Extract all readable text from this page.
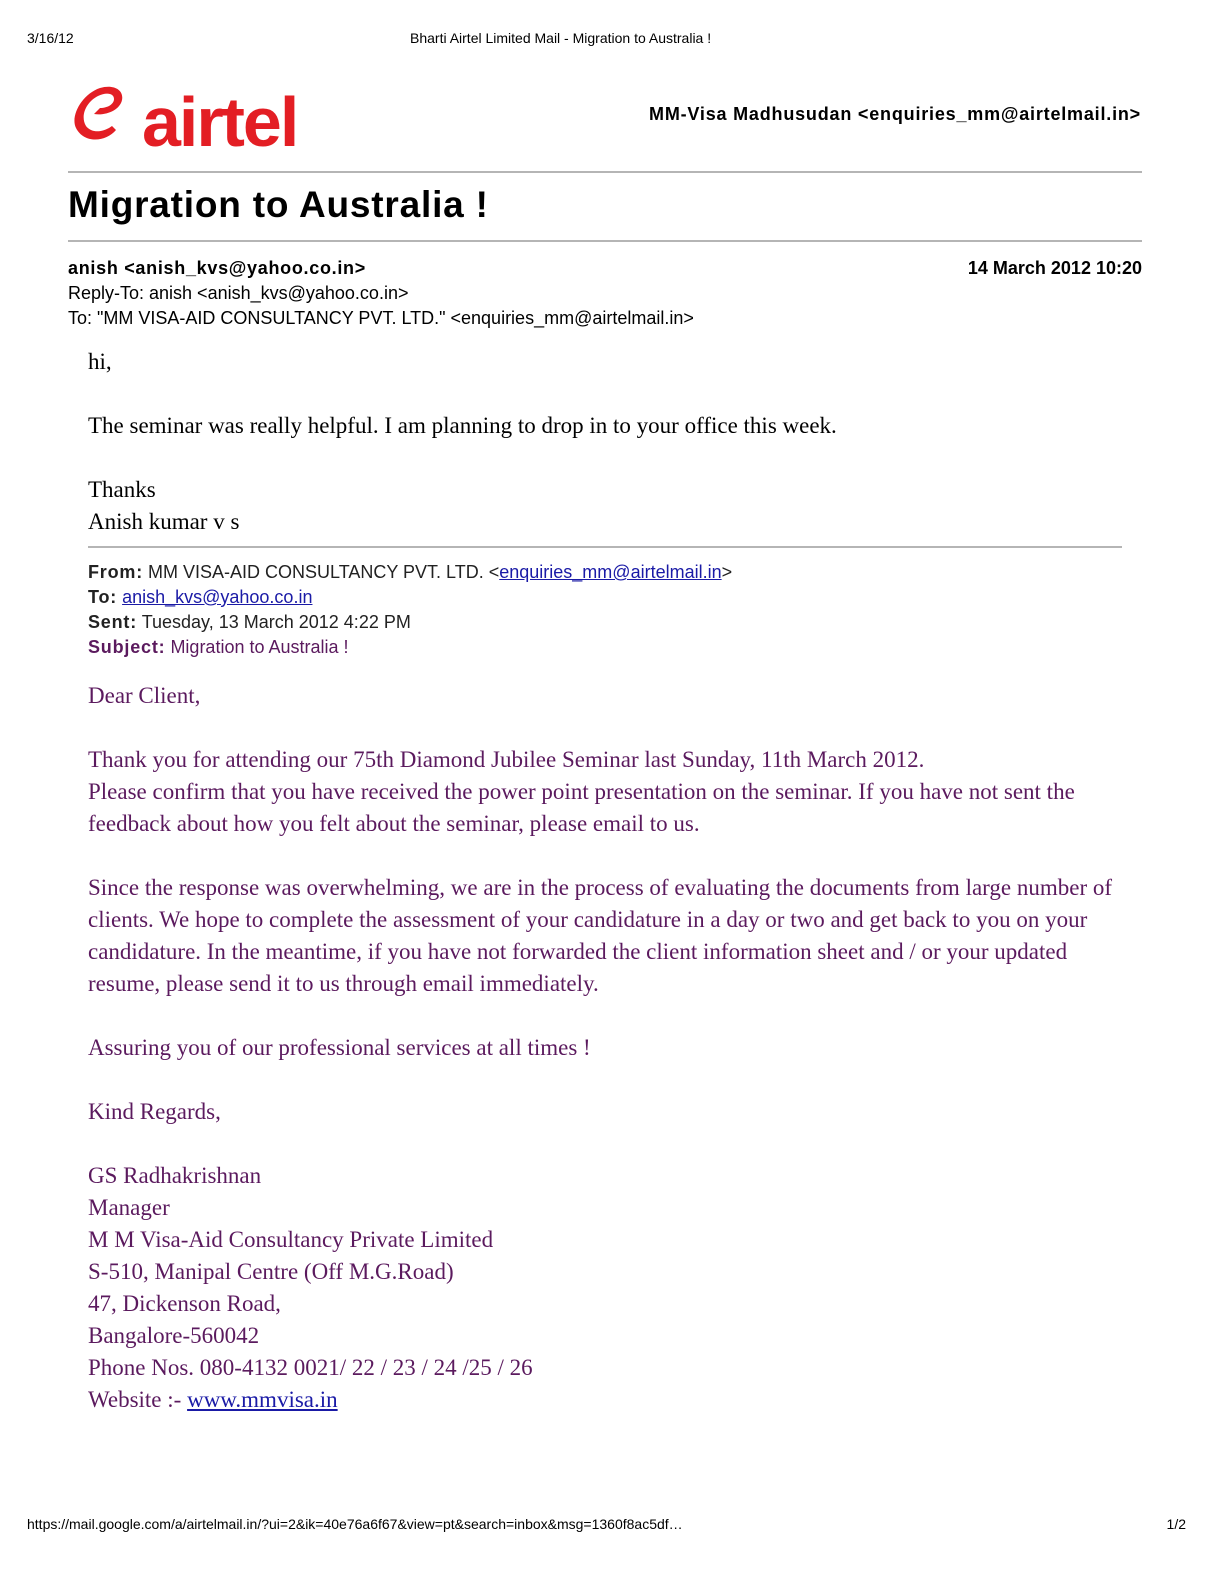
3/16/12	Bharti Airtel Limited Mail - Migration to Australia !
airtel	MM-Visa Madhusudan <enquiries_mm@airtelmail.in>
Migration to Australia !
anish <anish_kvs@yahoo.co.in>	14 March 2012 10:20
Reply-To: anish <anish_kvs@yahoo.co.in>
To: "MM VISA-AID CONSULTANCY PVT. LTD." <enquiries_mm@airtelmail.in>

hi,

The seminar was really helpful. I am planning to drop in to your office this week.

Thanks

Anish kumar v s

From: MM VISA-AID CONSULTANCY PVT. LTD. <enquiries_mm@airtelmail.in>
To: anish_kvs@yahoo.co.in
Sent: Tuesday, 13 March 2012 4:22 PM
Subject: Migration to Australia !

Dear Client,

Thank you for attending our 75th Diamond Jubilee Seminar last Sunday, 11th March 2012.

Please confirm that you have received the power point presentation on the seminar. If you have not sent the feedback about how you felt about the seminar, please email to us.

Since the response was overwhelming, we are in the process of evaluating the documents from large number of clients. We hope to complete the assessment of your candidature in a day or two and get back to you on your candidature. In the meantime, if you have not forwarded the client information sheet and / or your updated resume, please send it to us through email immediately.

Assuring you of our professional services at all times !

Kind Regards,

GS Radhakrishnan

Manager

M M Visa-Aid Consultancy Private Limited

S-510, Manipal Centre (Off M.G.Road)

47, Dickenson Road,

Bangalore-560042

Phone Nos. 080-4132 0021/ 22 / 23 / 24 /25 / 26

Website :- www.mmvisa.in

https://mail.google.com/a/airtelmail.in/?ui=2&ik=40e76a6f67&view=pt&search=inbox&msg=1360f8ac5df…	1/2
